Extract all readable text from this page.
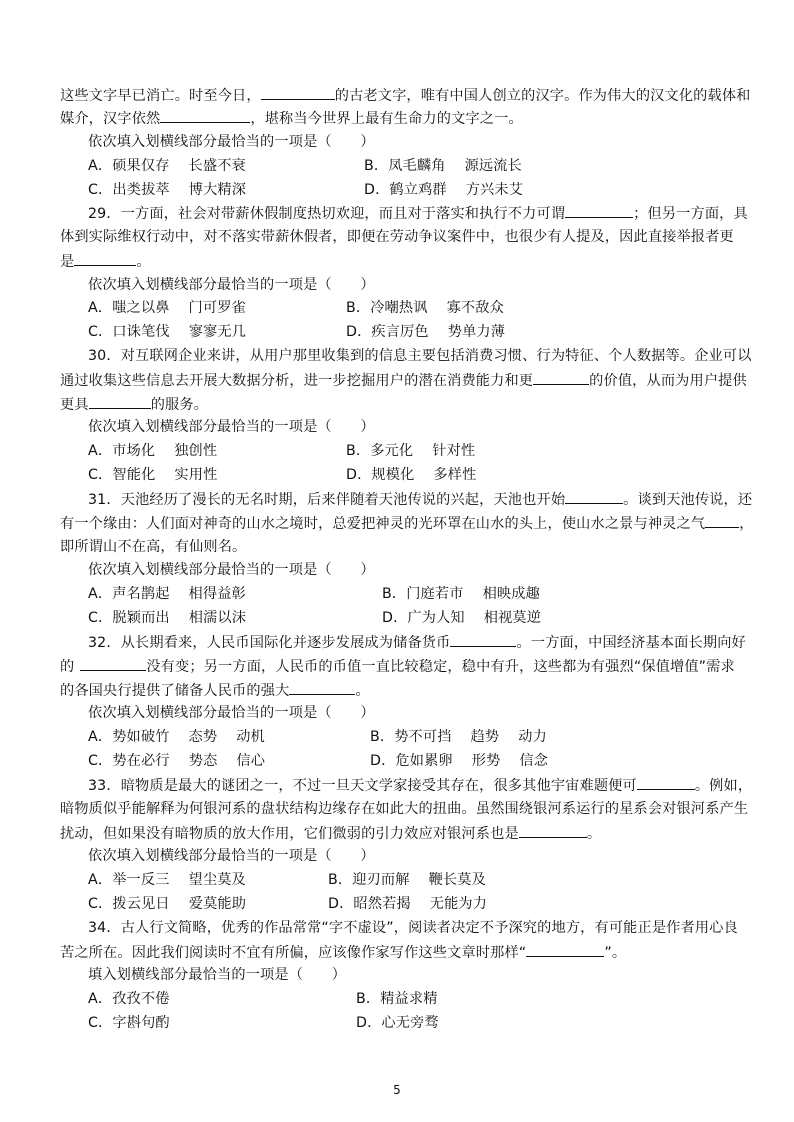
这些文字早已消亡。时至今日，	的古老文字，唯有中国人创立的汉字。作为伟大的汉文化的载体和
媒介，汉字依然	，堪称当今世界上最有生命力的文字之一。
依次填入划横线部分最恰当的一项是（　　）
A．硕果仅存　 长盛不衰	B．凤毛麟角　 源远流长
C．出类拔萃　 博大精深	D．鹤立鸡群　 方兴未艾
29．一方面，社会对带薪休假制度热切欢迎，而且对于落实和执行不力可谓	；但另一方面，具
体到实际维权行动中，对不落实带薪休假者，即便在劳动争议案件中，也很少有人提及，因此直接举报者更
是	。
依次填入划横线部分最恰当的一项是（　　）
A．嗤之以鼻　 门可罗雀	B．冷嘲热讽　 寡不敌众
C．口诛笔伐　 寥寥无几	D．疾言厉色　 势单力薄
30．对互联网企业来讲，从用户那里收集到的信息主要包括消费习惯、行为特征、个人数据等。企业可以
通过收集这些信息去开展大数据分析，进一步挖掘用户的潜在消费能力和更	的价值，从而为用户提供
更具	的服务。
依次填入划横线部分最恰当的一项是（　　）
A．市场化　 独创性	B．多元化　 针对性
C．智能化　 实用性	D．规模化　 多样性
31．天池经历了漫长的无名时期，后来伴随着天池传说的兴起，天池也开始	。谈到天池传说，还
有一个缘由：人们面对神奇的山水之境时，总爱把神灵的光环罩在山水的头上，使山水之景与神灵之气 ，
即所谓山不在高，有仙则名。
依次填入划横线部分最恰当的一项是（　　）
A．声名鹊起　 相得益彰	B．门庭若市　 相映成趣
C．脱颖而出　 相濡以沫	D．广为人知　 相视莫逆
32．从长期看来，人民币国际化并逐步发展成为储备货币	。一方面，中国经济基本面长期向好
的	没有变；另一方面，人民币的币值一直比较稳定，稳中有升，这些都为有强烈“保值增值”需求
的各国央行提供了储备人民币的强大	。
依次填入划横线部分最恰当的一项是（　　）
A．势如破竹　 态势　 动机	B．势不可挡　 趋势　 动力
C．势在必行　 势态　 信心	D．危如累卵　 形势　 信念
33．暗物质是最大的谜团之一，不过一旦天文学家接受其存在，很多其他宇宙难题便可	。例如，
暗物质似乎能解释为何银河系的盘状结构边缘存在如此大的扭曲。虽然围绕银河系运行的星系会对银河系产生
扰动，但如果没有暗物质的放大作用，它们微弱的引力效应对银河系也是	。
依次填入划横线部分最恰当的一项是（　　）
A．举一反三　 望尘莫及	B．迎刃而解　 鞭长莫及
C．拨云见日　 爱莫能助	D．昭然若揭　 无能为力
34．古人行文简略，优秀的作品常常“字不虚设”，阅读者决定不予深究的地方，有可能正是作者用心良
苦之所在。因此我们阅读时不宜有所偏，应该像作家写作这些文章时那样“	”。
填入划横线部分最恰当的一项是（　　）
A．孜孜不倦	B．精益求精
C．字斟句酌	D．心无旁骛
5
